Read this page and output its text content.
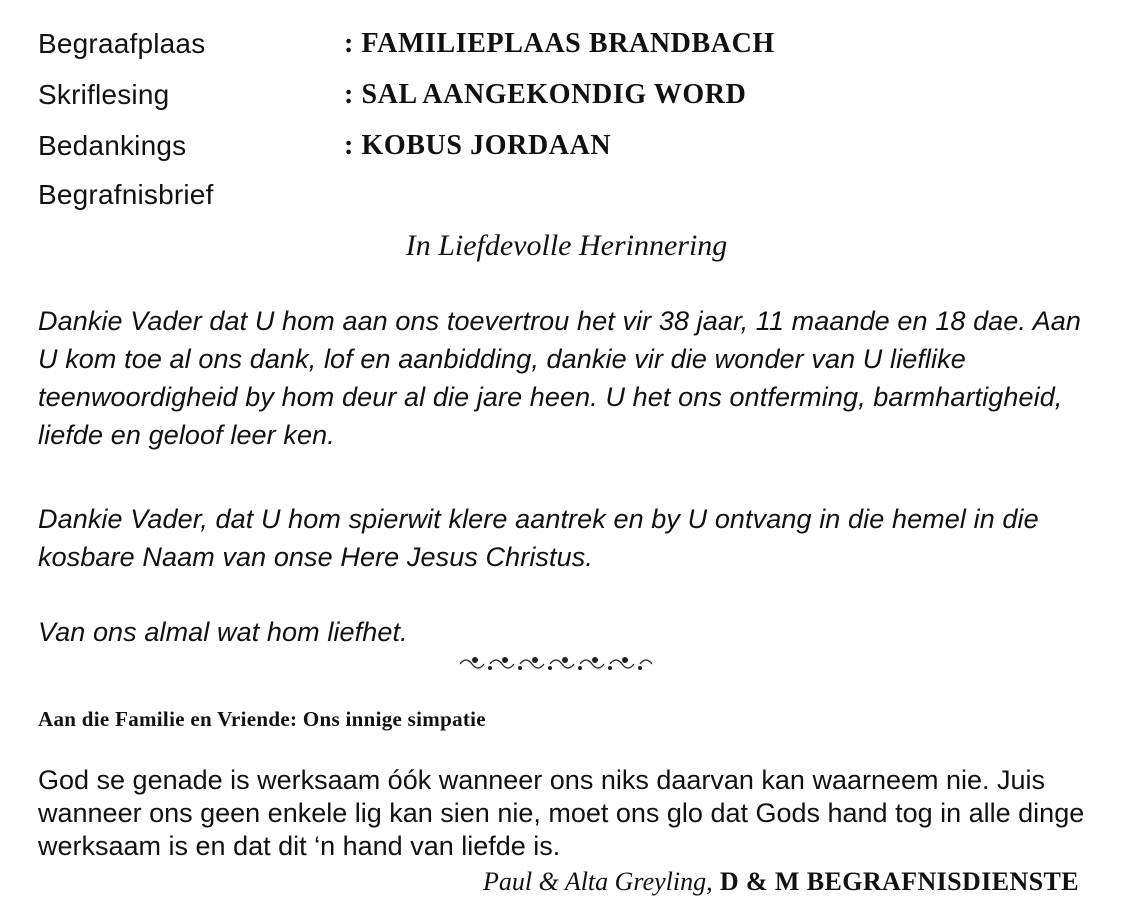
Begraafplaas	: FAMILIEPLAAS BRANDBACH
Skriflesing	: SAL AANGEKONDIG WORD
Bedankings	: KOBUS JORDAAN
Begrafnisbrief
In Liefdevolle Herinnering
Dankie Vader dat U hom aan ons toevertrou het vir 38 jaar, 11 maande en 18 dae. Aan U kom toe al ons dank, lof en aanbidding, dankie vir die wonder van U lieflike teenwoordigheid by hom deur al die jare heen. U het ons ontferming, barmhartigheid, liefde en geloof leer ken.
Dankie Vader, dat U hom spierwit klere aantrek en by U ontvang in die hemel in die kosbare Naam van onse Here Jesus Christus.
Van ons almal wat hom liefhet.
Aan die Familie en Vriende: Ons innige simpatie
God se genade is werksaam óók wanneer ons niks daarvan kan waarneem nie. Juis wanneer ons geen enkele lig kan sien nie, moet ons glo dat Gods hand tog in alle dinge werksaam is en dat dit ‘n hand van liefde is.
Paul & Alta Greyling, D & M BEGRAFNISDIENSTE
